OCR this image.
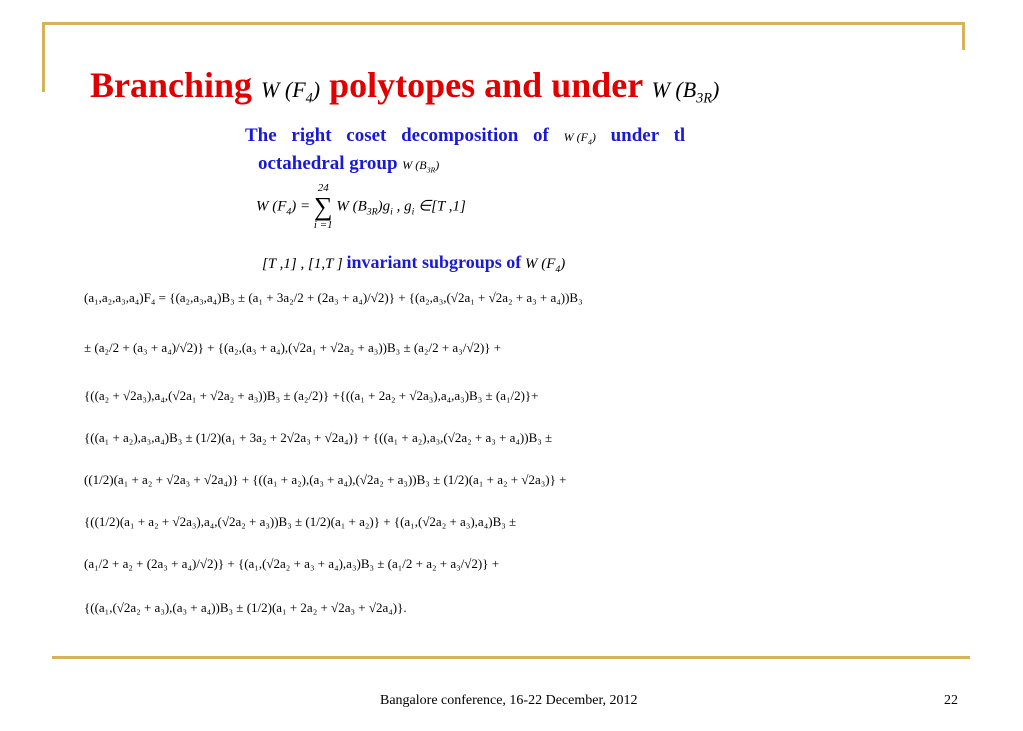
Branching W $(F_4)$ polytopes and under W $(B_{3R})$
The right coset decomposition of W $(F_4)$ under tl
octahedral group W $(B_{3R})$
W $(F_4) = 24$
∑
i =1 W $(B_{3R})g_i$ , $g_i$ ∈[T ,1]
[T ,1] , [1,T ] invariant subgroups of W $(F_4)$
(a₁,a₂,a₃,a₄)F₄ = {(a₂,a₃,a₄)B₃ ± (a₁ + 3a₂/2 + (2a₃ + a₄)/√2)} + {(a₂,a₃,(√2a₁ + √2a₂ + a₃ + a₄))B₃
± (a₂/2 + (a₃ + a₄)/√2)} + {(a₂,(a₃ + a₄),(√2a₁ + √2a₂ + a₃))B₃ ± (a₂/2 + a₃/√2)} +
{((a₂ + √2a₃),a₄,(√2a₁ + √2a₂ + a₃))B₃ ± (a₂/2)} +{((a₁ + 2a₂ + √2a₃),a₄,a₃)B₃ ± (a₁/2)}+
{((a₁ + a₂),a₃,a₄)B₃ ± (1/2)(a₁ + 3a₂ + 2√2a₃ + √2a₄)} + {((a₁ + a₂),a₃,(√2a₂ + a₃ + a₄))B₃ ±
((1/2)(a₁ + a₂ + √2a₃ + √2a₄)} + {((a₁ + a₂),(a₃ + a₄),(√2a₂ + a₃))B₃ ± (1/2)(a₁ + a₂ + √2a₃)} +
{((1/2)(a₁ + a₂ + √2a₃),a₄,(√2a₂ + a₃))B₃ ± (1/2)(a₁ + a₂)} + {(a₁,(√2a₂ + a₃),a₄)B₃ ±
(a₁/2 + a₂ + (2a₃ + a₄)/√2)} + {(a₁,(√2a₂ + a₃ + a₄),a₃)B₃ ± (a₁/2 + a₂ + a₃/√2)} +
{((a₁,(√2a₂ + a₃),(a₃ + a₄))B₃ ± (1/2)(a₁ + 2a₂ + √2a₃ + √2a₄)}.
Bangalore conference, 16-22 December, 2012	22
